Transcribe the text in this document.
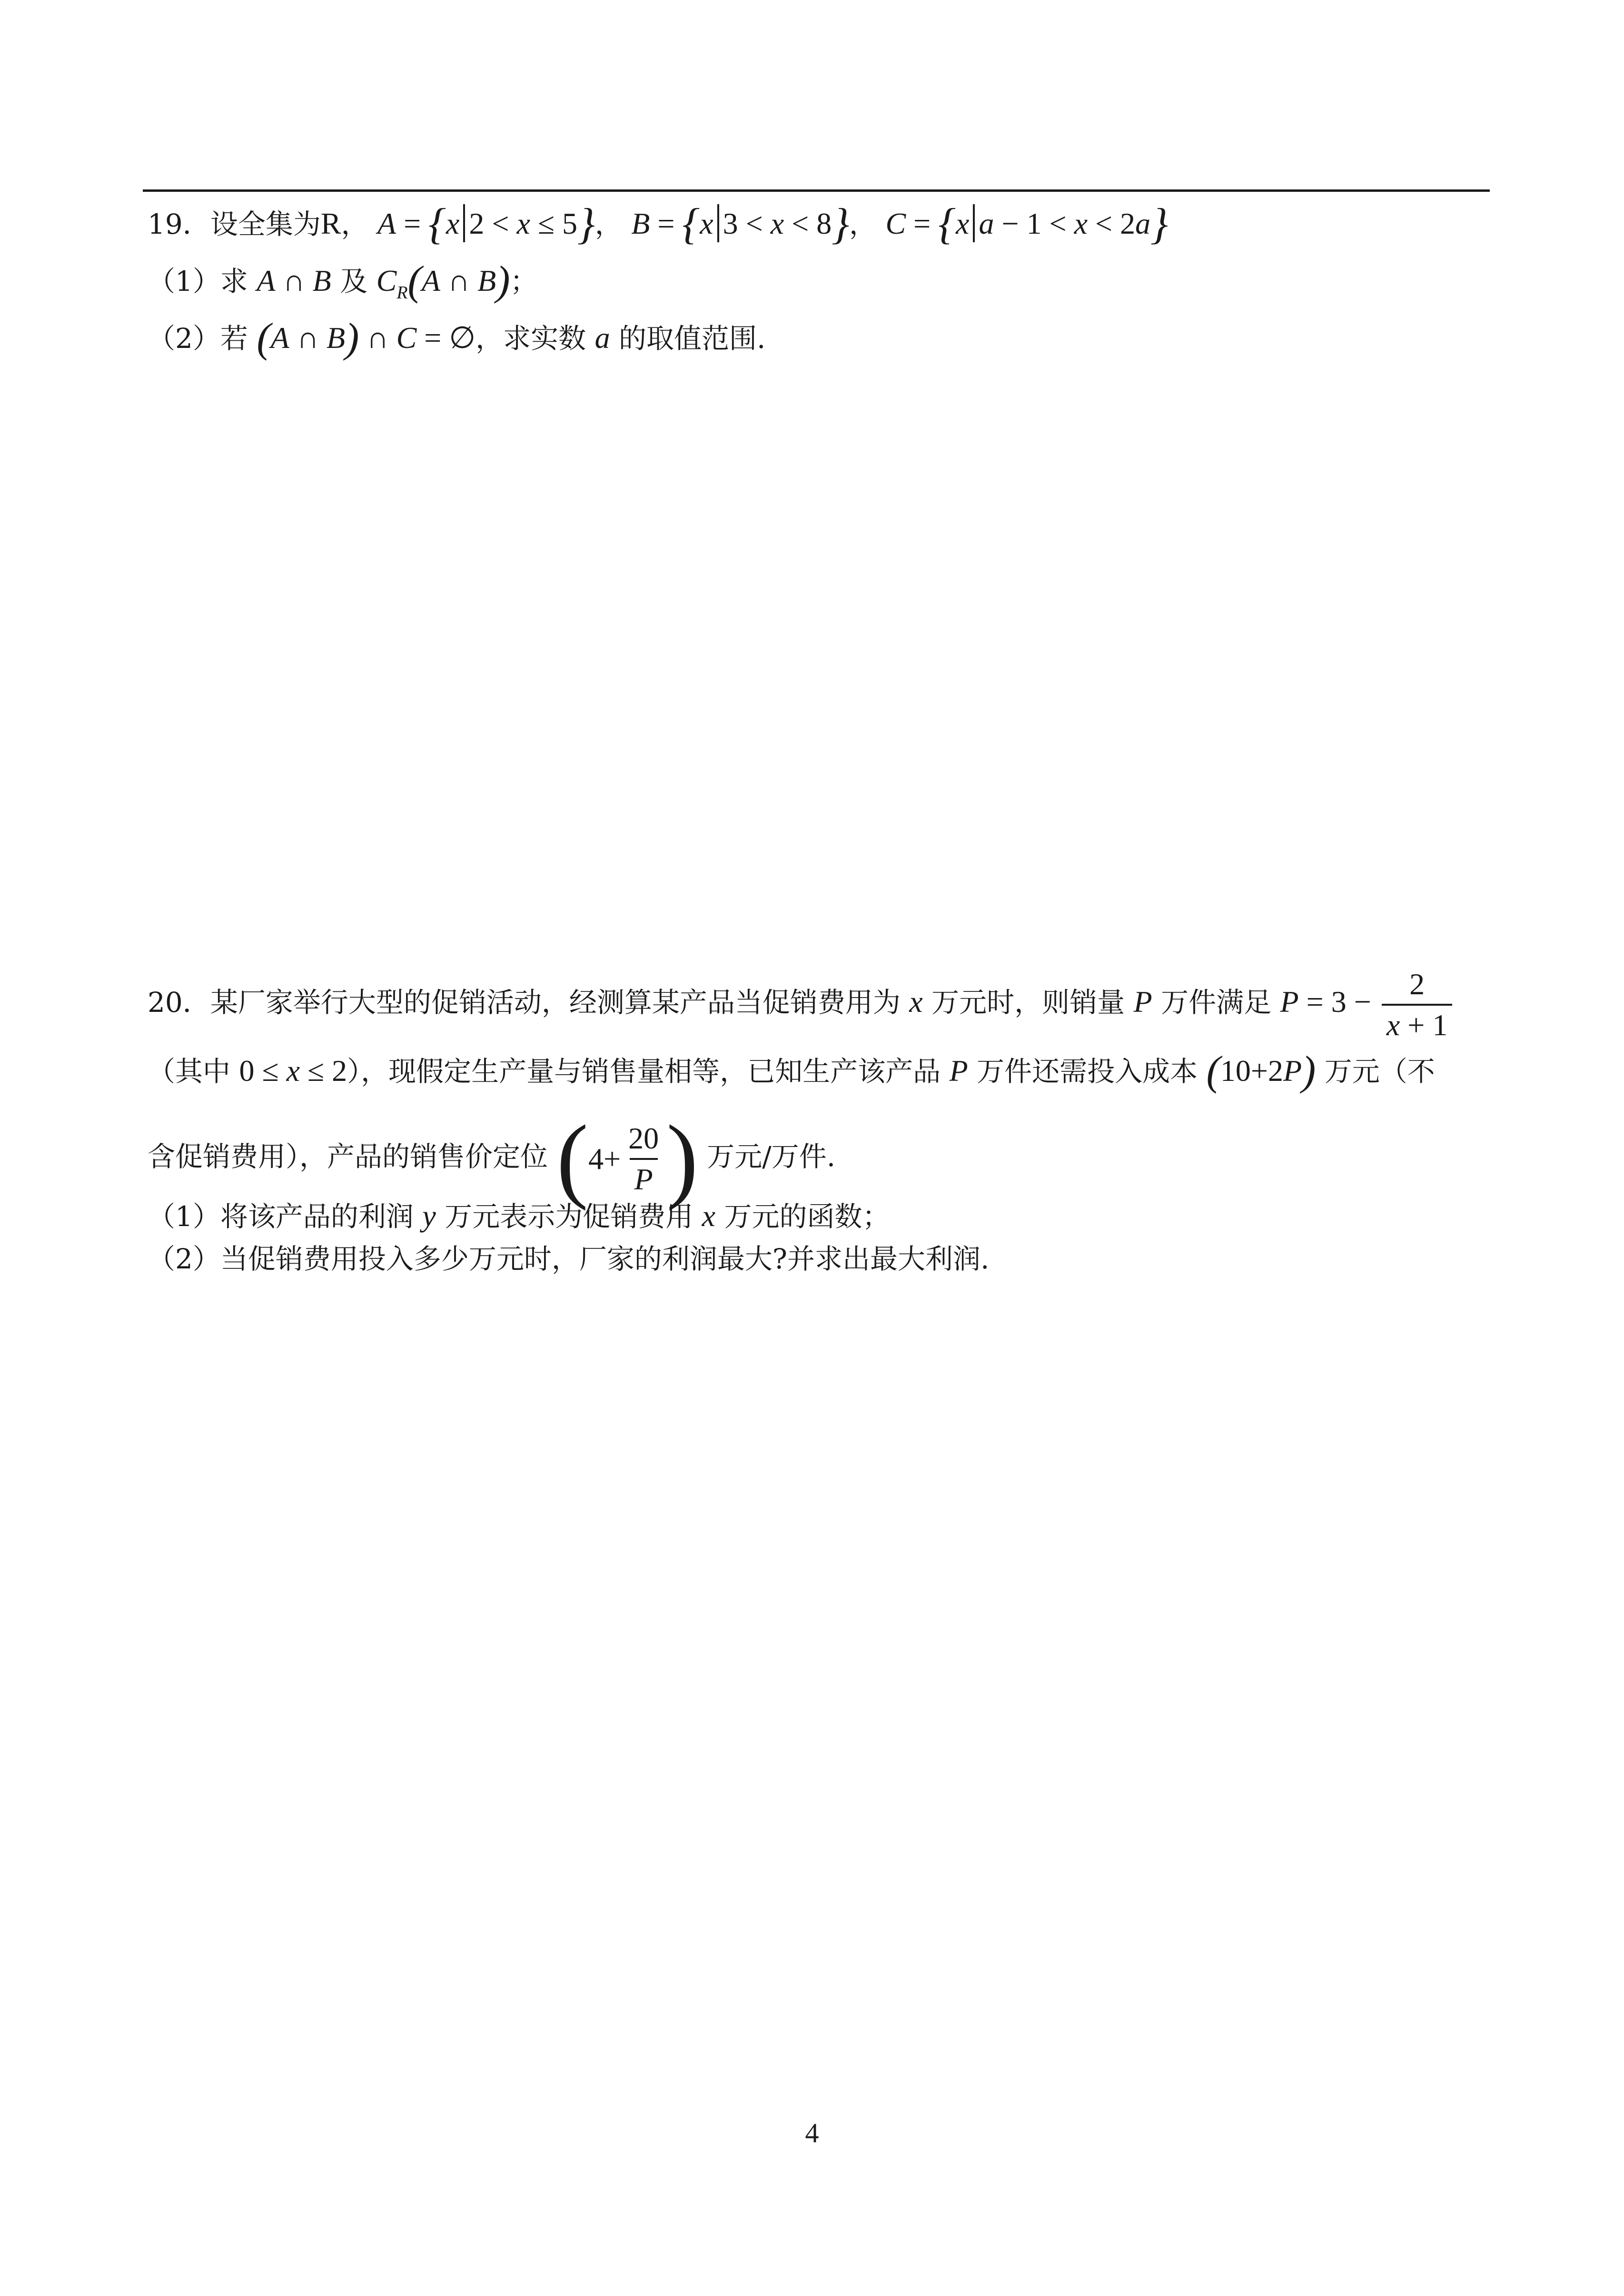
19．设全集为R， A = {x 2 < x ≤ 5}， B = {x 3 < x < 8}， C = {x a − 1 < x < 2a}
（1）求 A ∩ B 及 $C_R(A$ ∩ B)；
（2）若 (A ∩ B) ∩ C = ∅，求实数 a 的取值范围.
20．某厂家举行大型的促销活动，经测算某产品当促销费用为 x 万元时，则销量 P 万件满足 $P = 3 - \frac{2}{x + 1}$
（其中 0 ≤ x ≤ 2），现假定生产量与销售量相等，已知生产该产品 P 万件还需投入成本 (10+2P) 万元（不
含促销费用），产品的销售价定位 ($4+ \frac{20}{P}$ ) 万元/万件.
（1）将该产品的利润 y 万元表示为促销费用 x 万元的函数；
（2）当促销费用投入多少万元时，厂家的利润最大?并求出最大利润.
4
